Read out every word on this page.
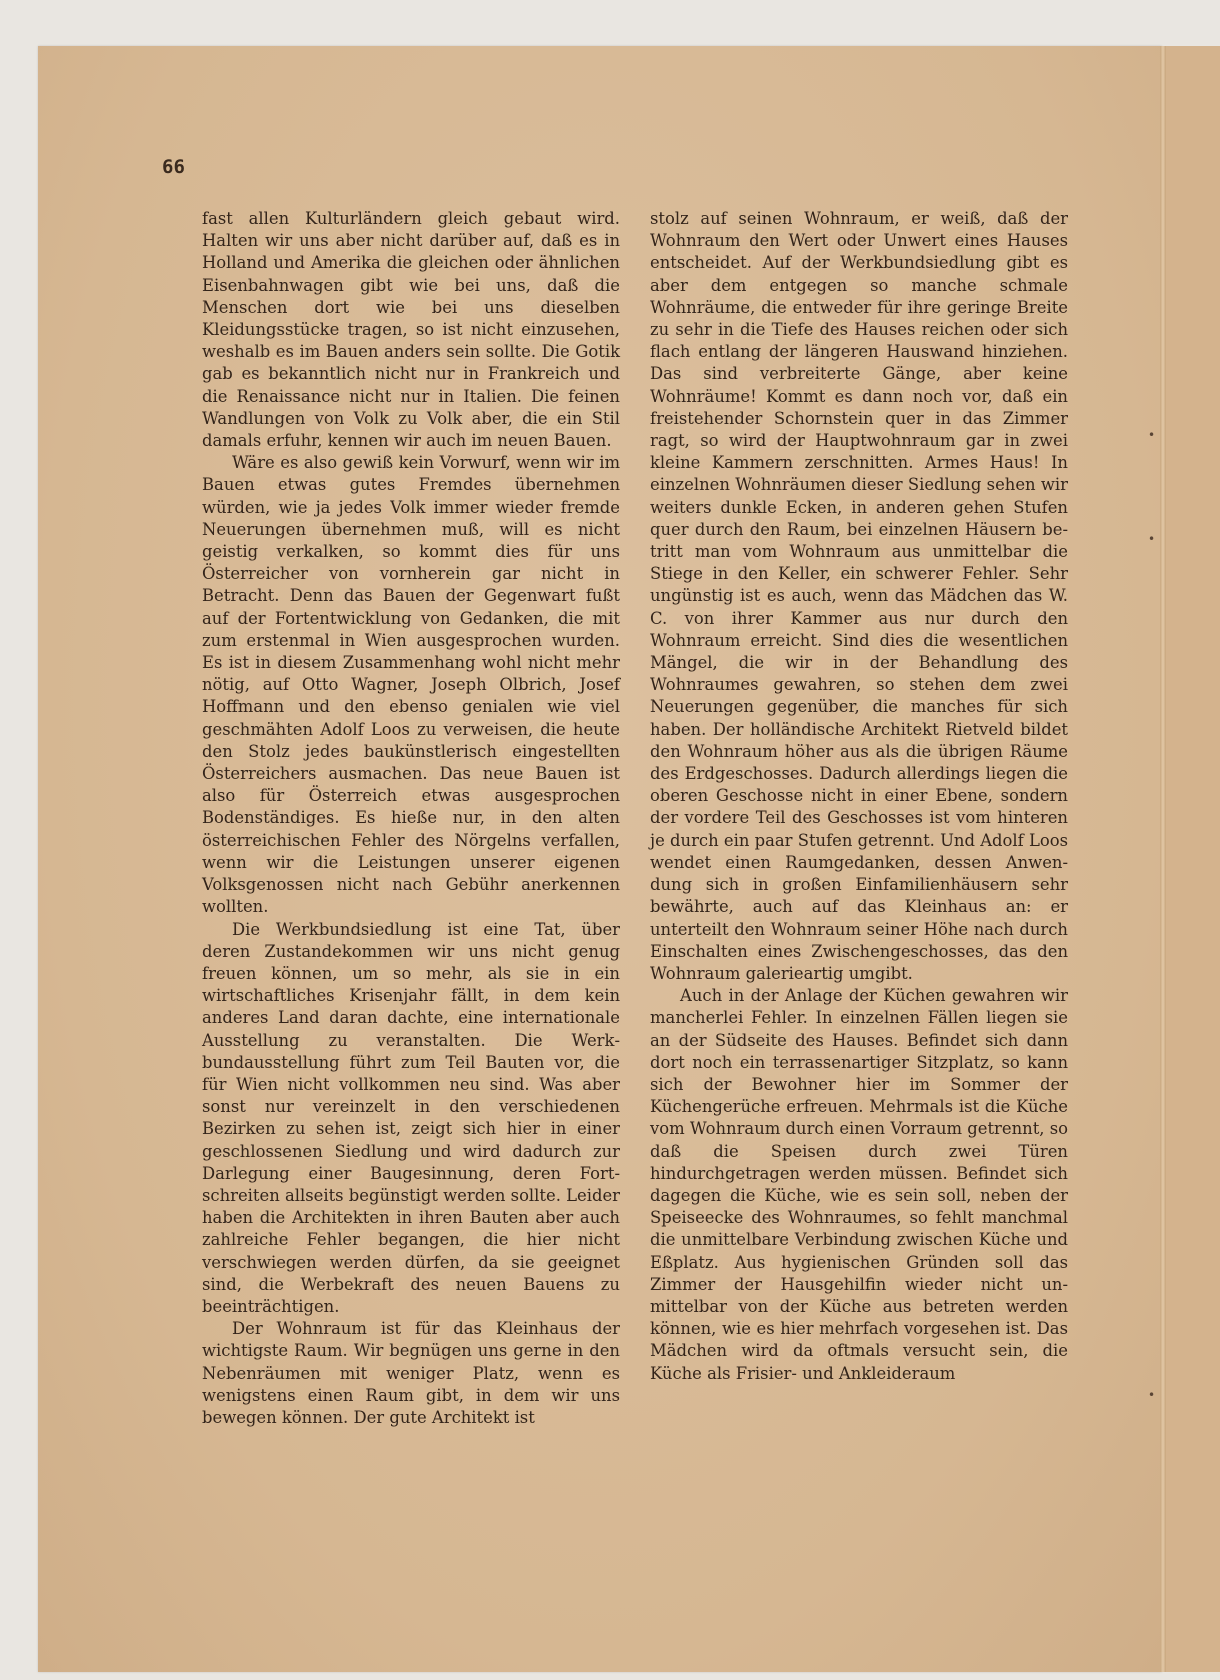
66

fast allen Kulturländern gleich gebaut wird. Halten wir uns aber nicht darüber auf, daß es in Holland und Amerika die gleichen oder ähnlichen Eisenbahnwagen gibt wie bei uns, daß die Menschen dort wie bei uns dieselben Kleidungsstücke tragen, so ist nicht einzusehen, weshalb es im Bauen anders sein sollte. Die Gotik gab es bekanntlich nicht nur in Frankreich und die Renaissance nicht nur in Italien. Die feinen Wandlungen von Volk zu Volk aber, die ein Stil damals erfuhr, kennen wir auch im neuen Bauen.

Wäre es also gewiß kein Vorwurf, wenn wir im Bauen etwas gutes Fremdes übernehmen würden, wie ja jedes Volk immer wieder fremde Neuerungen übernehmen muß, will es nicht geistig verkalken, so kommt dies für uns Österreicher von vornherein gar nicht in Betracht. Denn das Bauen der Gegenwart fußt auf der Fortentwicklung von Gedanken, die mit zum erstenmal in Wien ausgesprochen wurden. Es ist in diesem Zusammenhang wohl nicht mehr nötig, auf Otto Wagner, Joseph Olbrich, Josef Hoffmann und den ebenso genialen wie viel geschmähten Adolf Loos zu verweisen, die heute den Stolz jedes baukünstlerisch eingestellten Österreichers ausmachen. Das neue Bauen ist also für Österreich etwas ausgesprochen Bodenständiges. Es hieße nur, in den alten österreichischen Fehler des Nörgelns verfallen, wenn wir die Leistungen unserer eigenen Volksgenossen nicht nach Gebühr anerkennen wollten.

Die Werkbundsiedlung ist eine Tat, über deren Zustandekommen wir uns nicht genug freuen können, um so mehr, als sie in ein wirtschaftliches Krisenjahr fällt, in dem kein anderes Land daran dachte, eine internationale Ausstellung zu veranstalten. Die Werkbundausstellung führt zum Teil Bauten vor, die für Wien nicht vollkommen neu sind. Was aber sonst nur vereinzelt in den verschiedenen Bezirken zu sehen ist, zeigt sich hier in einer geschlossenen Siedlung und wird dadurch zur Darlegung einer Baugesinnung, deren Fortschreiten allseits begünstigt werden sollte. Leider haben die Architekten in ihren Bauten aber auch zahlreiche Fehler begangen, die hier nicht verschwiegen werden dürfen, da sie geeignet sind, die Werbekraft des neuen Bauens zu beeinträchtigen.

Der Wohnraum ist für das Kleinhaus der wichtigste Raum. Wir begnügen uns gerne in den Nebenräumen mit weniger Platz, wenn es wenigstens einen Raum gibt, in dem wir uns bewegen können. Der gute Architekt ist

stolz auf seinen Wohnraum, er weiß, daß der Wohnraum den Wert oder Unwert eines Hauses entscheidet. Auf der Werkbundsiedlung gibt es aber dem entgegen so manche schmale Wohnräume, die entweder für ihre geringe Breite zu sehr in die Tiefe des Hauses reichen oder sich flach entlang der längeren Hauswand hinziehen. Das sind verbreiterte Gänge, aber keine Wohnräume! Kommt es dann noch vor, daß ein freistehender Schornstein quer in das Zimmer ragt, so wird der Hauptwohnraum gar in zwei kleine Kammern zerschnitten. Armes Haus! In einzelnen Wohnräumen dieser Siedlung sehen wir weiters dunkle Ecken, in anderen gehen Stufen quer durch den Raum, bei einzelnen Häusern betritt man vom Wohnraum aus unmittelbar die Stiege in den Keller, ein schwerer Fehler. Sehr ungünstig ist es auch, wenn das Mädchen das W. C. von ihrer Kammer aus nur durch den Wohnraum erreicht. Sind dies die wesentlichen Mängel, die wir in der Behandlung des Wohnraumes gewahren, so stehen dem zwei Neuerungen gegenüber, die manches für sich haben. Der holländische Architekt Rietveld bildet den Wohnraum höher aus als die übrigen Räume des Erdgeschosses. Dadurch allerdings liegen die oberen Geschosse nicht in einer Ebene, sondern der vordere Teil des Geschosses ist vom hinteren je durch ein paar Stufen getrennt. Und Adolf Loos wendet einen Raumgedanken, dessen Anwendung sich in großen Einfamilienhäusern sehr bewährte, auch auf das Kleinhaus an: er unterteilt den Wohnraum seiner Höhe nach durch Einschalten eines Zwischengeschosses, das den Wohnraum galerieartig umgibt.

Auch in der Anlage der Küchen gewahren wir mancherlei Fehler. In einzelnen Fällen liegen sie an der Südseite des Hauses. Befindet sich dann dort noch ein terrassenartiger Sitzplatz, so kann sich der Bewohner hier im Sommer der Küchengerüche erfreuen. Mehrmals ist die Küche vom Wohnraum durch einen Vorraum getrennt, so daß die Speisen durch zwei Türen hindurchgetragen werden müssen. Befindet sich dagegen die Küche, wie es sein soll, neben der Speiseecke des Wohnraumes, so fehlt manchmal die unmittelbare Verbindung zwischen Küche und Eßplatz. Aus hygienischen Gründen soll das Zimmer der Hausgehilfin wieder nicht unmittelbar von der Küche aus betreten werden können, wie es hier mehrfach vorgesehen ist. Das Mädchen wird da oftmals versucht sein, die Küche als Frisier- und Ankleideraum

•
•
•
